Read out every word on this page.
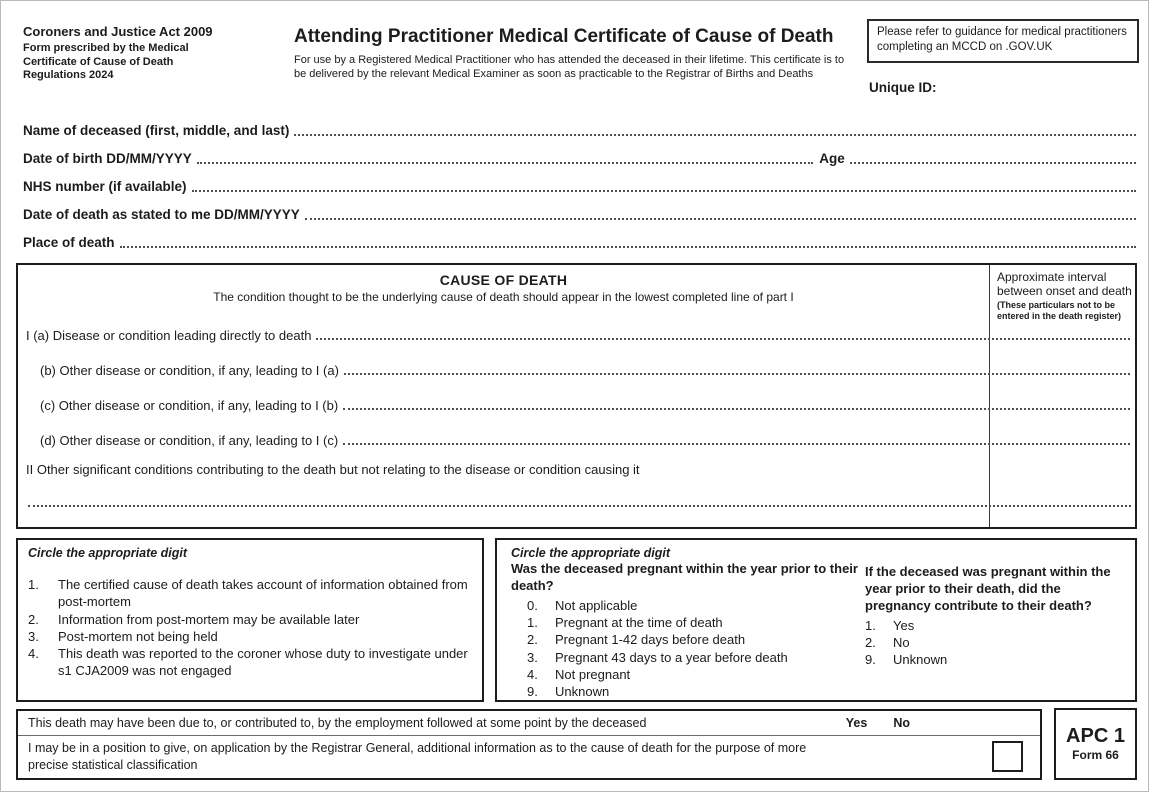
Coroners and Justice Act 2009
Form prescribed by the Medical Certificate of Cause of Death Regulations 2024
Attending Practitioner Medical Certificate of Cause of Death
For use by a Registered Medical Practitioner who has attended the deceased in their lifetime. This certificate is to be delivered by the relevant Medical Examiner as soon as practicable to the Registrar of Births and Deaths
Please refer to guidance for medical practitioners completing an MCCD on .GOV.UK
Unique ID:
Name of deceased (first, middle, and last)
Date of birth DD/MM/YYYY	Age
NHS number (if available)
Date of death as stated to me DD/MM/YYYY
Place of death
CAUSE OF DEATH
The condition thought to be the underlying cause of death should appear in the lowest completed line of part I
Approximate interval between onset and death
(These particulars not to be entered in the death register)
I (a) Disease or condition leading directly to death
(b) Other disease or condition, if any, leading to I (a)
(c) Other disease or condition, if any, leading to I (b)
(d) Other disease or condition, if any, leading to I (c)
II Other significant conditions contributing to the death but not relating to the disease or condition causing it
Circle the appropriate digit
1.	The certified cause of death takes account of information obtained from post-mortem
2.	Information from post-mortem may be available later
3.	Post-mortem not being held
4.	This death was reported to the coroner whose duty to investigate under s1 CJA2009 was not engaged
Circle the appropriate digit
Was the deceased pregnant within the year prior to their death?
0.	Not applicable
1.	Pregnant at the time of death
2.	Pregnant 1-42 days before death
3.	Pregnant 43 days to a year before death
4.	Not pregnant
9.	Unknown
If the deceased was pregnant within the year prior to their death, did the pregnancy contribute to their death?
1.	Yes
2.	No
9.	Unknown
This death may have been due to, or contributed to, by the employment followed at some point by the deceased	Yes No
I may be in a position to give, on application by the Registrar General, additional information as to the cause of death for the purpose of more precise statistical classification
APC 1
Form 66
